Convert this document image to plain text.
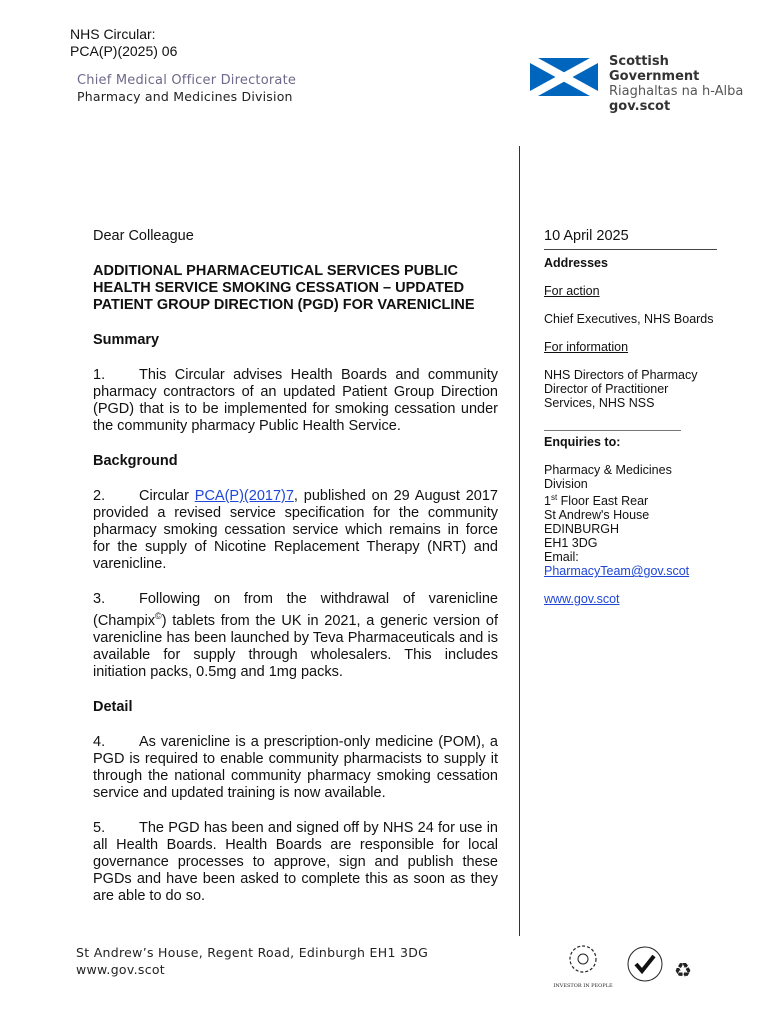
NHS Circular:
PCA(P)(2025) 06
Chief Medical Officer Directorate
Pharmacy and Medicines Division
Scottish Government
Riaghaltas na h-Alba
gov.scot

Dear Colleague

ADDITIONAL PHARMACEUTICAL SERVICES PUBLIC HEALTH SERVICE SMOKING CESSATION – UPDATED PATIENT GROUP DIRECTION (PGD) FOR VARENICLINE

Summary

1. This Circular advises Health Boards and community pharmacy contractors of an updated Patient Group Direction (PGD) that is to be implemented for smoking cessation under the community pharmacy Public Health Service.

Background

2. Circular PCA(P)(2017)7, published on 29 August 2017 provided a revised service specification for the community pharmacy smoking cessation service which remains in force for the supply of Nicotine Replacement Therapy (NRT) and varenicline.

3. Following on from the withdrawal of varenicline (Champix©) tablets from the UK in 2021, a generic version of varenicline has been launched by Teva Pharmaceuticals and is available for supply through wholesalers. This includes initiation packs, 0.5mg and 1mg packs.

Detail

4. As varenicline is a prescription-only medicine (POM), a PGD is required to enable community pharmacists to supply it through the national community pharmacy smoking cessation service and updated training is now available.

5. The PGD has been and signed off by NHS 24 for use in all Health Boards. Health Boards are responsible for local governance processes to approve, sign and publish these PGDs and have been asked to complete this as soon as they are able to do so.

10 April 2025
Addresses
For action
Chief Executives, NHS Boards
For information
NHS Directors of Pharmacy
Director of Practitioner
Services, NHS NSS
Enquiries to:
Pharmacy & Medicines
Division
1st Floor East Rear
St Andrew's House
EDINBURGH
EH1 3DG
Email:
PharmacyTeam@gov.scot
www.gov.scot
St Andrew’s House, Regent Road, Edinburgh EH1 3DG
www.gov.scot
INVESTOR IN PEOPLE
♻
